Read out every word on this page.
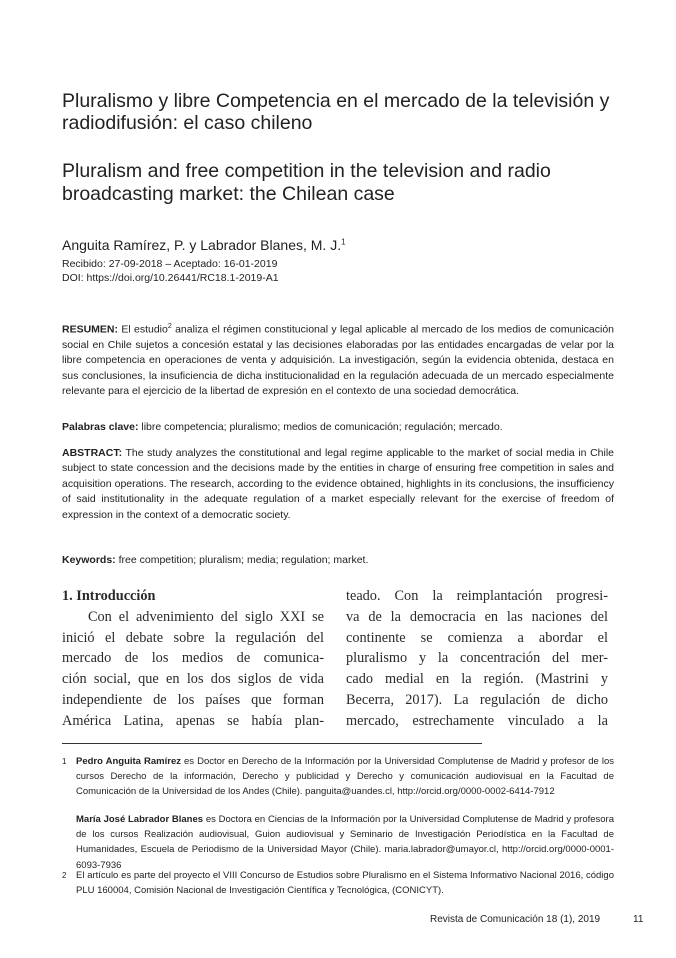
Pluralismo y libre Competencia en el mercado de la televisión y radiodifusión: el caso chileno
Pluralism and free competition in the television and radio broadcasting market: the Chilean case
Anguita Ramírez, P. y Labrador Blanes, M. J.$^1$
Recibido: 27-09-2018 – Aceptado: 16-01-2019
DOI: https://doi.org/10.26441/RC18.1-2019-A1
RESUMEN: El estudio$^2$ analiza el régimen constitucional y legal aplicable al mercado de los medios de comunicación social en Chile sujetos a concesión estatal y las decisiones elaboradas por las entidades encargadas de velar por la libre competencia en operaciones de venta y adquisición. La investigación, según la evidencia obtenida, destaca en sus conclusiones, la insuficiencia de dicha institucionalidad en la regulación adecuada de un mercado especialmente relevante para el ejercicio de la libertad de expresión en el contexto de una sociedad democrática.
Palabras clave: libre competencia; pluralismo; medios de comunicación; regulación; mercado.
ABSTRACT: The study analyzes the constitutional and legal regime applicable to the market of social media in Chile subject to state concession and the decisions made by the entities in charge of ensuring free competition in sales and acquisition operations. The research, according to the evidence obtained, highlights in its conclusions, the insufficiency of said institutionality in the adequate regulation of a market especially relevant for the exercise of freedom of expression in the context of a democratic society.
Keywords: free competition; pluralism; media; regulation; market.
1. Introducción
Con el advenimiento del siglo XXI se
inició el debate sobre la regulación del
mercado de los medios de comunica-
ción social, que en los dos siglos de vida
independiente de los países que forman
América Latina, apenas se había plan-
teado. Con la reimplantación progresi-
va de la democracia en las naciones del
continente se comienza a abordar el
pluralismo y la concentración del mer-
cado medial en la región. (Mastrini y
Becerra, 2017). La regulación de dicho
mercado, estrechamente vinculado a la
1 Pedro Anguita Ramírez es Doctor en Derecho de la Información por la Universidad Complutense de Madrid y profesor de los cursos Derecho de la información, Derecho y publicidad y Derecho y comunicación audiovisual en la Facultad de Comunicación de la Universidad de los Andes (Chile). panguita@uandes.cl, http://orcid.org/0000-0002-6414-7912
María José Labrador Blanes es Doctora en Ciencias de la Información por la Universidad Complutense de Madrid y profesora de los cursos Realización audiovisual, Guion audiovisual y Seminario de Investigación Periodística en la Facultad de Humanidades, Escuela de Periodismo de la Universidad Mayor (Chile). maria.labrador@umayor.cl, http://orcid.org/0000-0001-6093-7936
2 El artículo es parte del proyecto el VIII Concurso de Estudios sobre Pluralismo en el Sistema Informativo Nacional 2016, código PLU 160004, Comisión Nacional de Investigación Científica y Tecnológica, (CONICYT).
Revista de Comunicación 18 (1), 2019	11
